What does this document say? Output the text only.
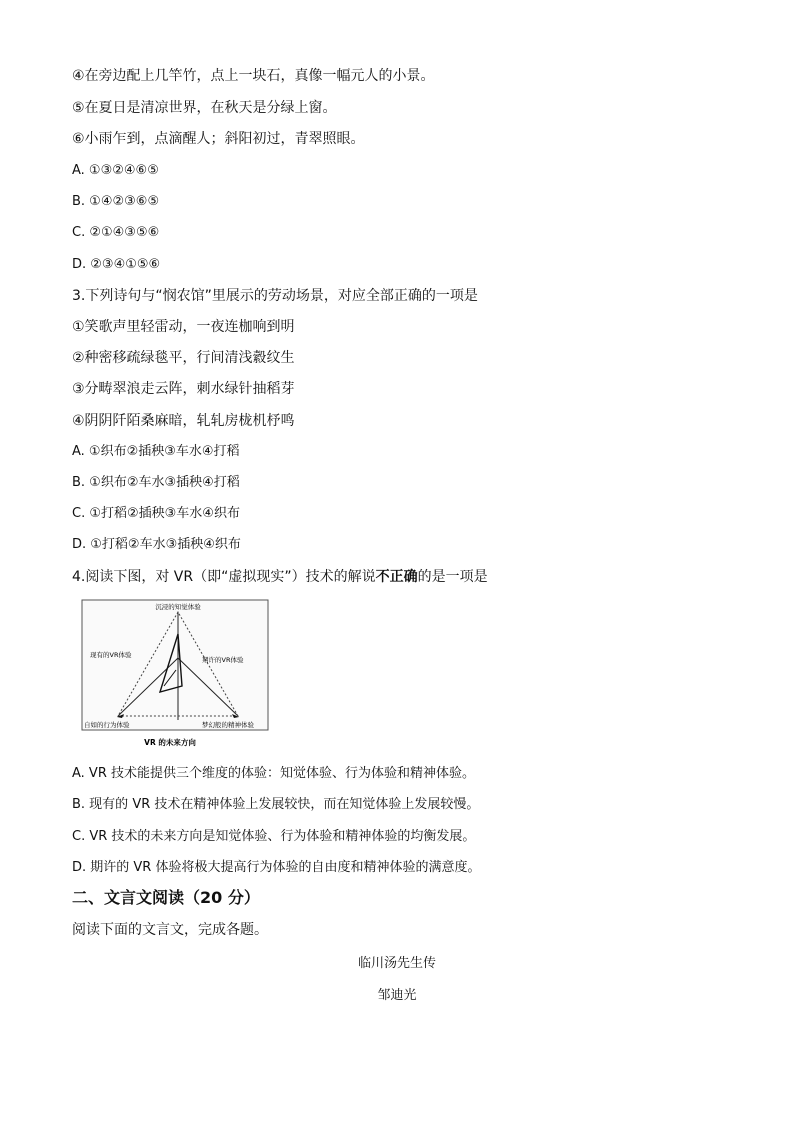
④在旁边配上几竿竹，点上一块石，真像一幅元人的小景。
⑤在夏日是清凉世界，在秋天是分绿上窗。
⑥小雨乍到，点滴醒人；斜阳初过，青翠照眼。
A. ①③②④⑥⑤
B. ①④②③⑥⑤
C. ②①④③⑤⑥
D. ②③④①⑤⑥
3.下列诗句与“悯农馆”里展示的劳动场景，对应全部正确的一项是
①笑歌声里轻雷动，一夜连枷响到明
②种密移疏绿毯平，行间清浅縠纹生
③分畴翠浪走云阵，刺水绿针抽稻芽
④阴阴阡陌桑麻暗，轧轧房栊机杼鸣
A. ①织布②插秧③车水④打稻
B. ①织布②车水③插秧④打稻
C. ①打稻②插秧③车水④织布
D. ①打稻②车水③插秧④织布
4.阅读下图，对 VR（即“虚拟现实”）技术的解说不正确的是一项是
沉浸的知觉体验
现有的VR体验
期许的VR体验
自如的行为体验	梦幻般的精神体验
VR 的未来方向
A. VR 技术能提供三个维度的体验：知觉体验、行为体验和精神体验。
B. 现有的 VR 技术在精神体验上发展较快，而在知觉体验上发展较慢。
C. VR 技术的未来方向是知觉体验、行为体验和精神体验的均衡发展。
D. 期许的 VR 体验将极大提高行为体验的自由度和精神体验的满意度。
二、文言文阅读（20 分）
阅读下面的文言文，完成各题。
临川汤先生传
邹迪光
